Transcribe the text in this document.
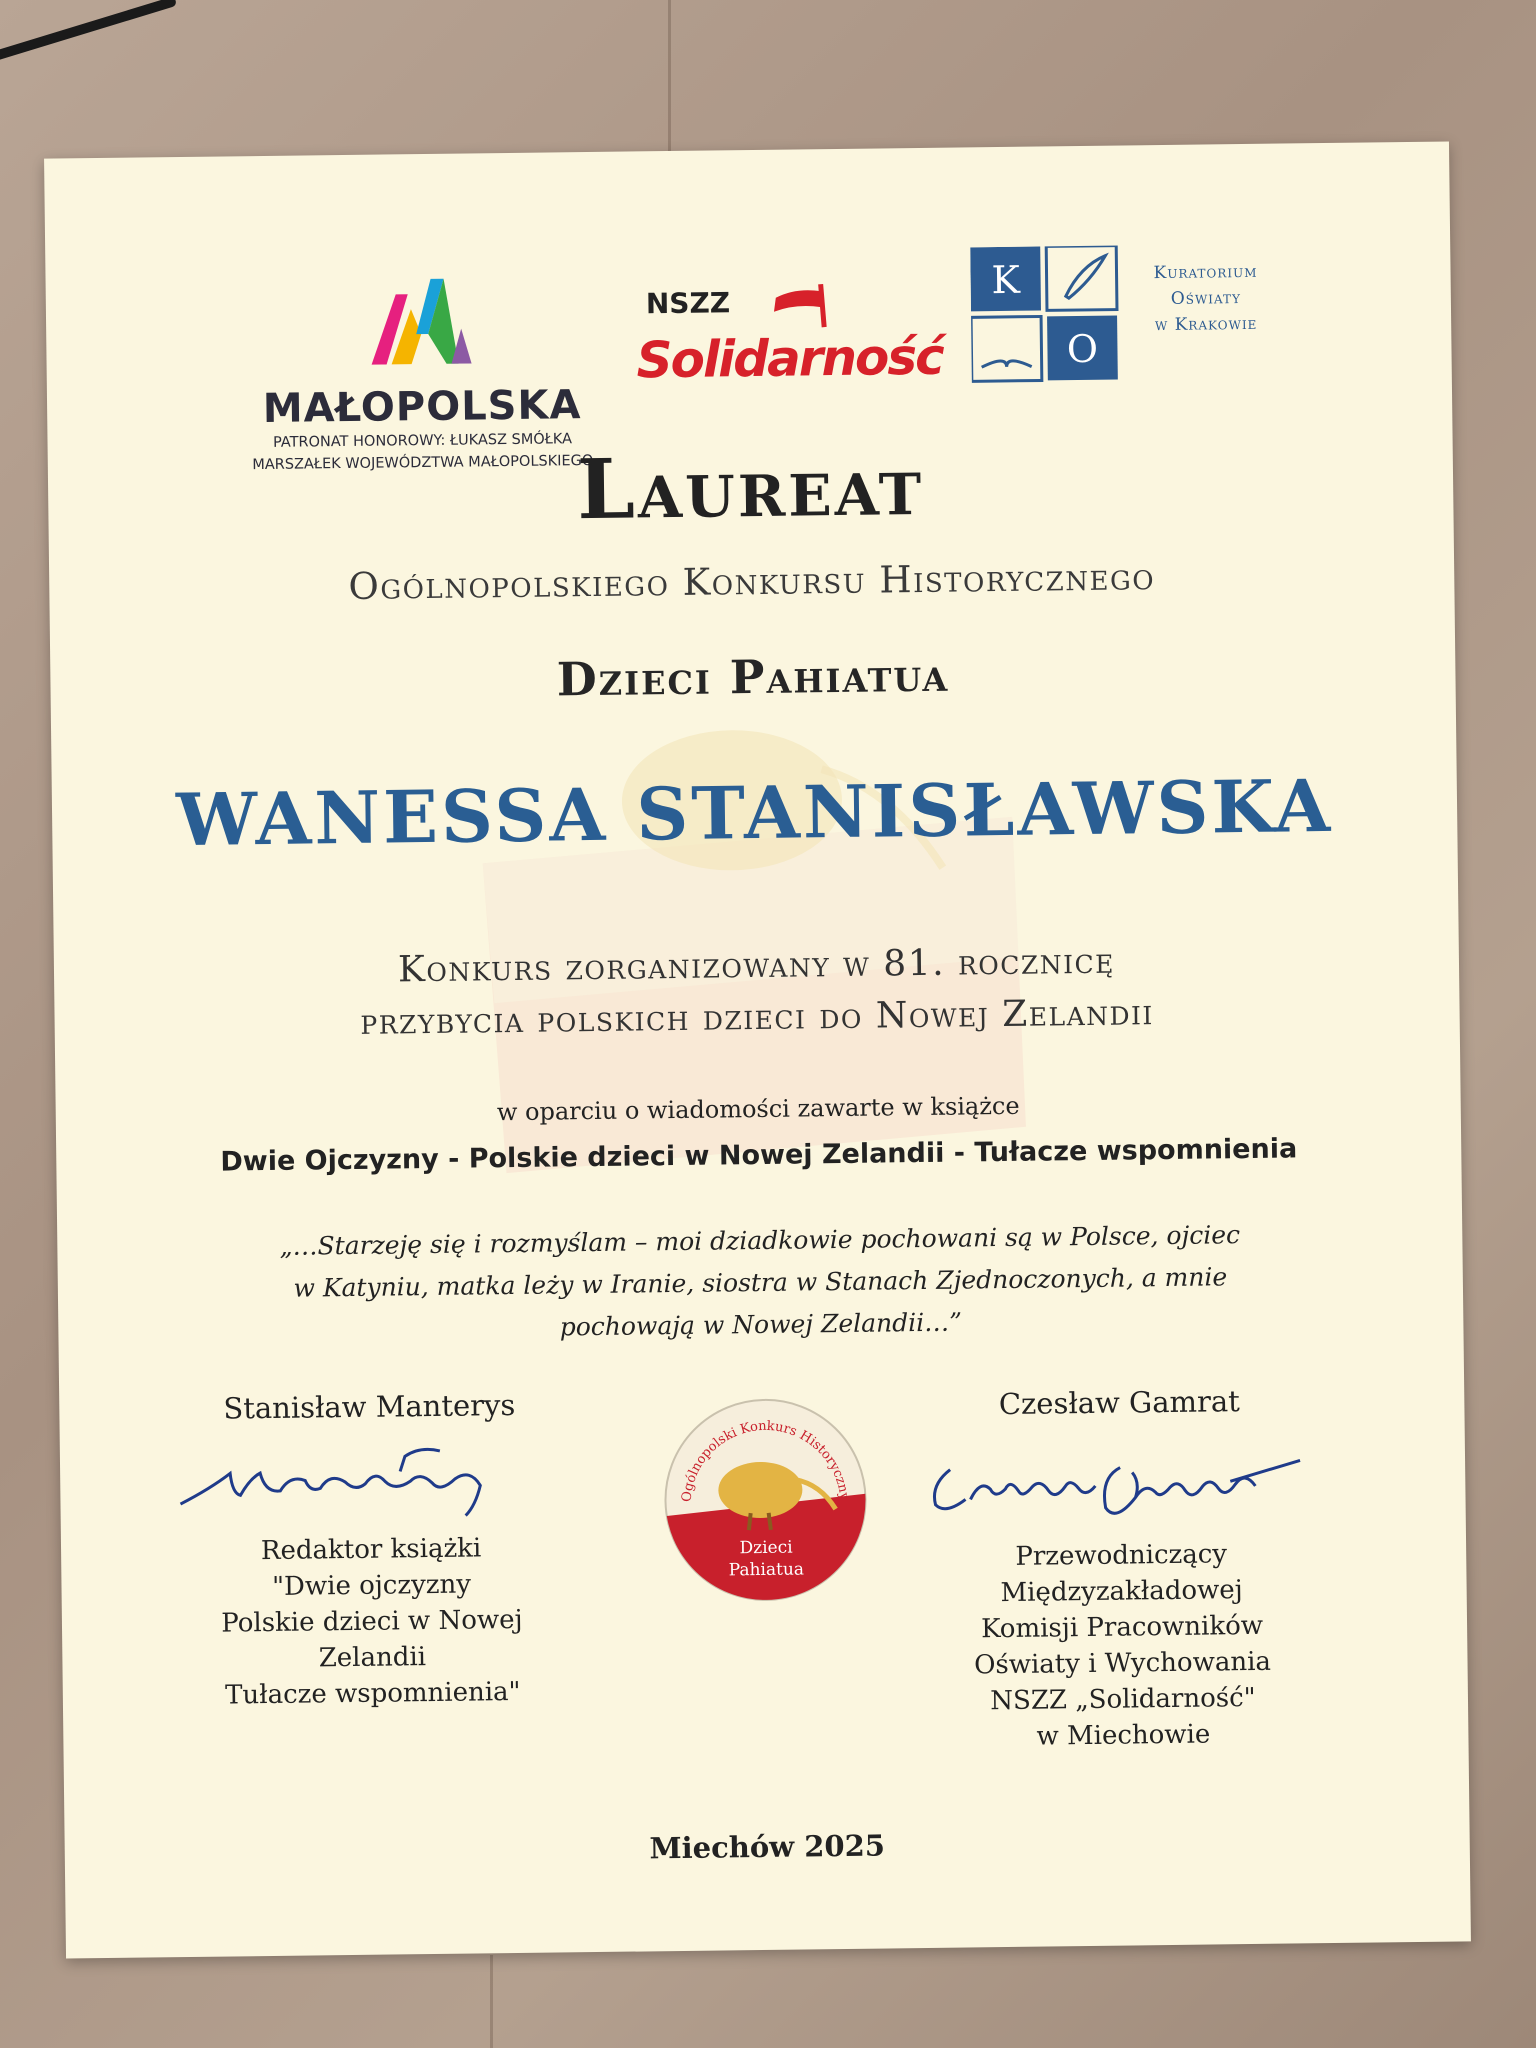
MAŁOPOLSKA
PATRONAT HONOROWY: ŁUKASZ SMÓŁKA
MARSZAŁEK WOJEWÓDZTWA MAŁOPOLSKIEGO
NSZZ
Solidarność
K
O
Kuratorium
Oświaty
w Krakowie
Laureat
Ogólnopolskiego Konkursu Historycznego
Dzieci Pahiatua
WANESSA STANISŁAWSKA
Konkurs zorganizowany w 81. rocznicę
przybycia polskich dzieci do Nowej Zelandii
w oparciu o wiadomości zawarte w książce
Dwie Ojczyzny - Polskie dzieci w Nowej Zelandii - Tułacze wspomnienia
„…Starzeję się i rozmyślam – moi dziadkowie pochowani są w Polsce, ojciec
w Katyniu, matka leży w Iranie, siostra w Stanach Zjednoczonych, a mnie
pochowają w Nowej Zelandii…”
Stanisław Manterys
Redaktor książki
"Dwie ojczyzny
Polskie dzieci w Nowej Zelandii
Tułacze wspomnienia"
Ogólnopolski Konkurs Historyczny
Dzieci
Pahiatua
Czesław Gamrat
Przewodniczący
Międzyzakładowej
Komisji Pracowników
Oświaty i Wychowania
NSZZ „Solidarność"
w Miechowie
Miechów 2025
